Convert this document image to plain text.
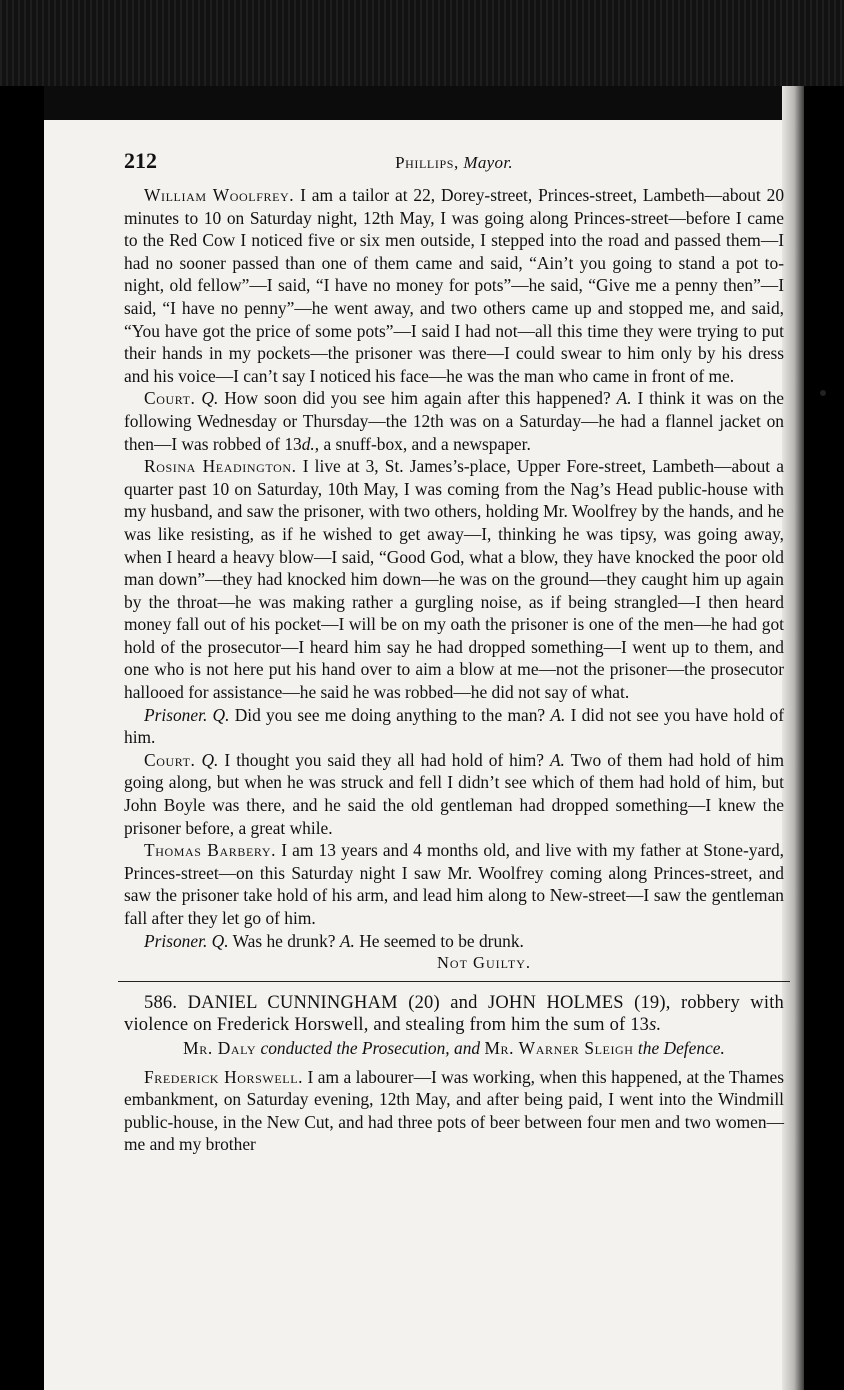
212	Phillips, Mayor.

William Woolfrey. I am a tailor at 22, Dorey-street, Princes-street, Lambeth—about 20 minutes to 10 on Saturday night, 12th May, I was going along Princes-street—before I came to the Red Cow I noticed five or six men outside, I stepped into the road and passed them—I had no sooner passed than one of them came and said, “Ain’t you going to stand a pot to-night, old fellow”—I said, “I have no money for pots”—he said, “Give me a penny then”—I said, “I have no penny”—he went away, and two others came up and stopped me, and said, “You have got the price of some pots”—I said I had not—all this time they were trying to put their hands in my pockets—the prisoner was there—I could swear to him only by his dress and his voice—I can’t say I noticed his face—he was the man who came in front of me.

Court. Q. How soon did you see him again after this happened? A. I think it was on the following Wednesday or Thursday—the 12th was on a Saturday—he had a flannel jacket on then—I was robbed of 13d., a snuff-box, and a newspaper.

Rosina Headington. I live at 3, St. James’s-place, Upper Fore-street, Lambeth—about a quarter past 10 on Saturday, 10th May, I was coming from the Nag’s Head public-house with my husband, and saw the prisoner, with two others, holding Mr. Woolfrey by the hands, and he was like resisting, as if he wished to get away—I, thinking he was tipsy, was going away, when I heard a heavy blow—I said, “Good God, what a blow, they have knocked the poor old man down”—they had knocked him down—he was on the ground—they caught him up again by the throat—he was making rather a gurgling noise, as if being strangled—I then heard money fall out of his pocket—I will be on my oath the prisoner is one of the men—he had got hold of the prosecutor—I heard him say he had dropped something—I went up to them, and one who is not here put his hand over to aim a blow at me—not the prisoner—the prosecutor hallooed for assistance—he said he was robbed—he did not say of what.

Prisoner. Q. Did you see me doing anything to the man? A. I did not see you have hold of him.

Court. Q. I thought you said they all had hold of him? A. Two of them had hold of him going along, but when he was struck and fell I didn’t see which of them had hold of him, but John Boyle was there, and he said the old gentleman had dropped something—I knew the prisoner before, a great while.

Thomas Barbery. I am 13 years and 4 months old, and live with my father at Stone-yard, Princes-street—on this Saturday night I saw Mr. Woolfrey coming along Princes-street, and saw the prisoner take hold of his arm, and lead him along to New-street—I saw the gentleman fall after they let go of him.

Prisoner. Q. Was he drunk? A. He seemed to be drunk.

Not Guilty.

586. DANIEL CUNNINGHAM (20) and JOHN HOLMES (19), robbery with violence on Frederick Horswell, and stealing from him the sum of 13s.

Mr. Daly conducted the Prosecution, and Mr. Warner Sleigh the Defence.

Frederick Horswell. I am a labourer—I was working, when this happened, at the Thames embankment, on Saturday evening, 12th May, and after being paid, I went into the Windmill public-house, in the New Cut, and had three pots of beer between four men and two women—me and my brother
